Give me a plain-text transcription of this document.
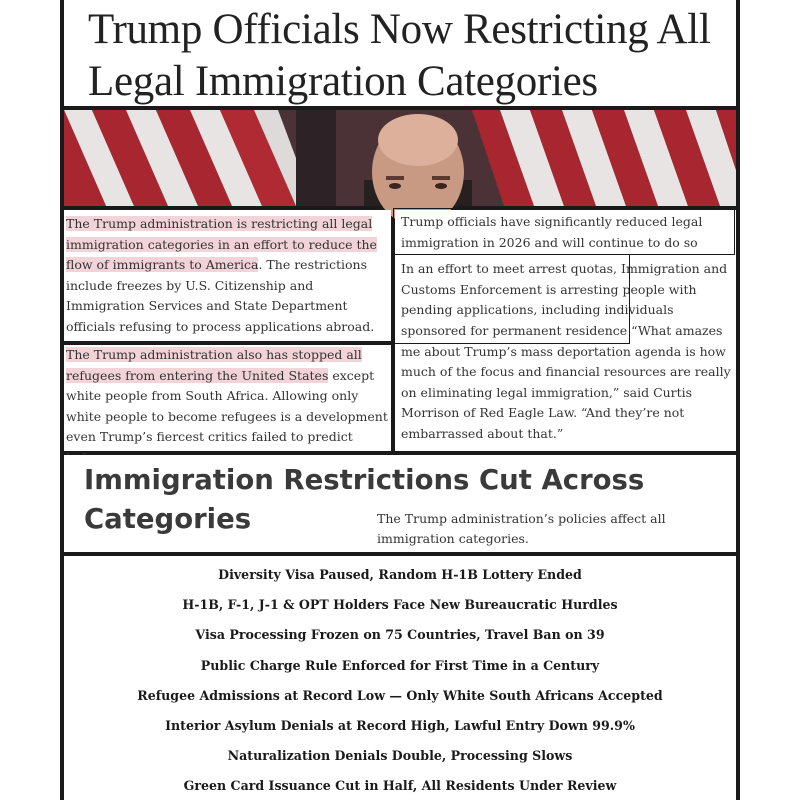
Trump Officials Now Restricting All Legal Immigration Categories

The Trump administration is restricting all legal immigration categories in an effort to reduce the flow of immigrants to America. The restrictions include freezes by U.S. Citizenship and Immigration Services and State Department officials refusing to process applications abroad.

The Trump administration also has stopped all refugees from entering the United States except white people from South Africa. Allowing only white people to become refugees is a development even Trump’s fiercest critics failed to predict

Trump officials have significantly reduced legal immigration in 2026 and will continue to do so

In an effort to meet arrest quotas, Immigration and Customs Enforcement is arresting people with pending applications, including individuals sponsored for permanent residence “What amazes me about Trump’s mass deportation agenda is how much of the focus and financial resources are really on eliminating legal immigration,” said Curtis Morrison of Red Eagle Law. “And they’re not embarrassed about that.”

Immigration Restrictions Cut Across Categories	The Trump administration’s policies affect all immigration categories.

Diversity Visa Paused, Random H-1B Lottery Ended
H-1B, F-1, J-1 & OPT Holders Face New Bureaucratic Hurdles
Visa Processing Frozen on 75 Countries, Travel Ban on 39
Public Charge Rule Enforced for First Time in a Century
Refugee Admissions at Record Low — Only White South Africans Accepted
Interior Asylum Denials at Record High, Lawful Entry Down 99.9%
Naturalization Denials Double, Processing Slows
Green Card Issuance Cut in Half, All Residents Under Review
